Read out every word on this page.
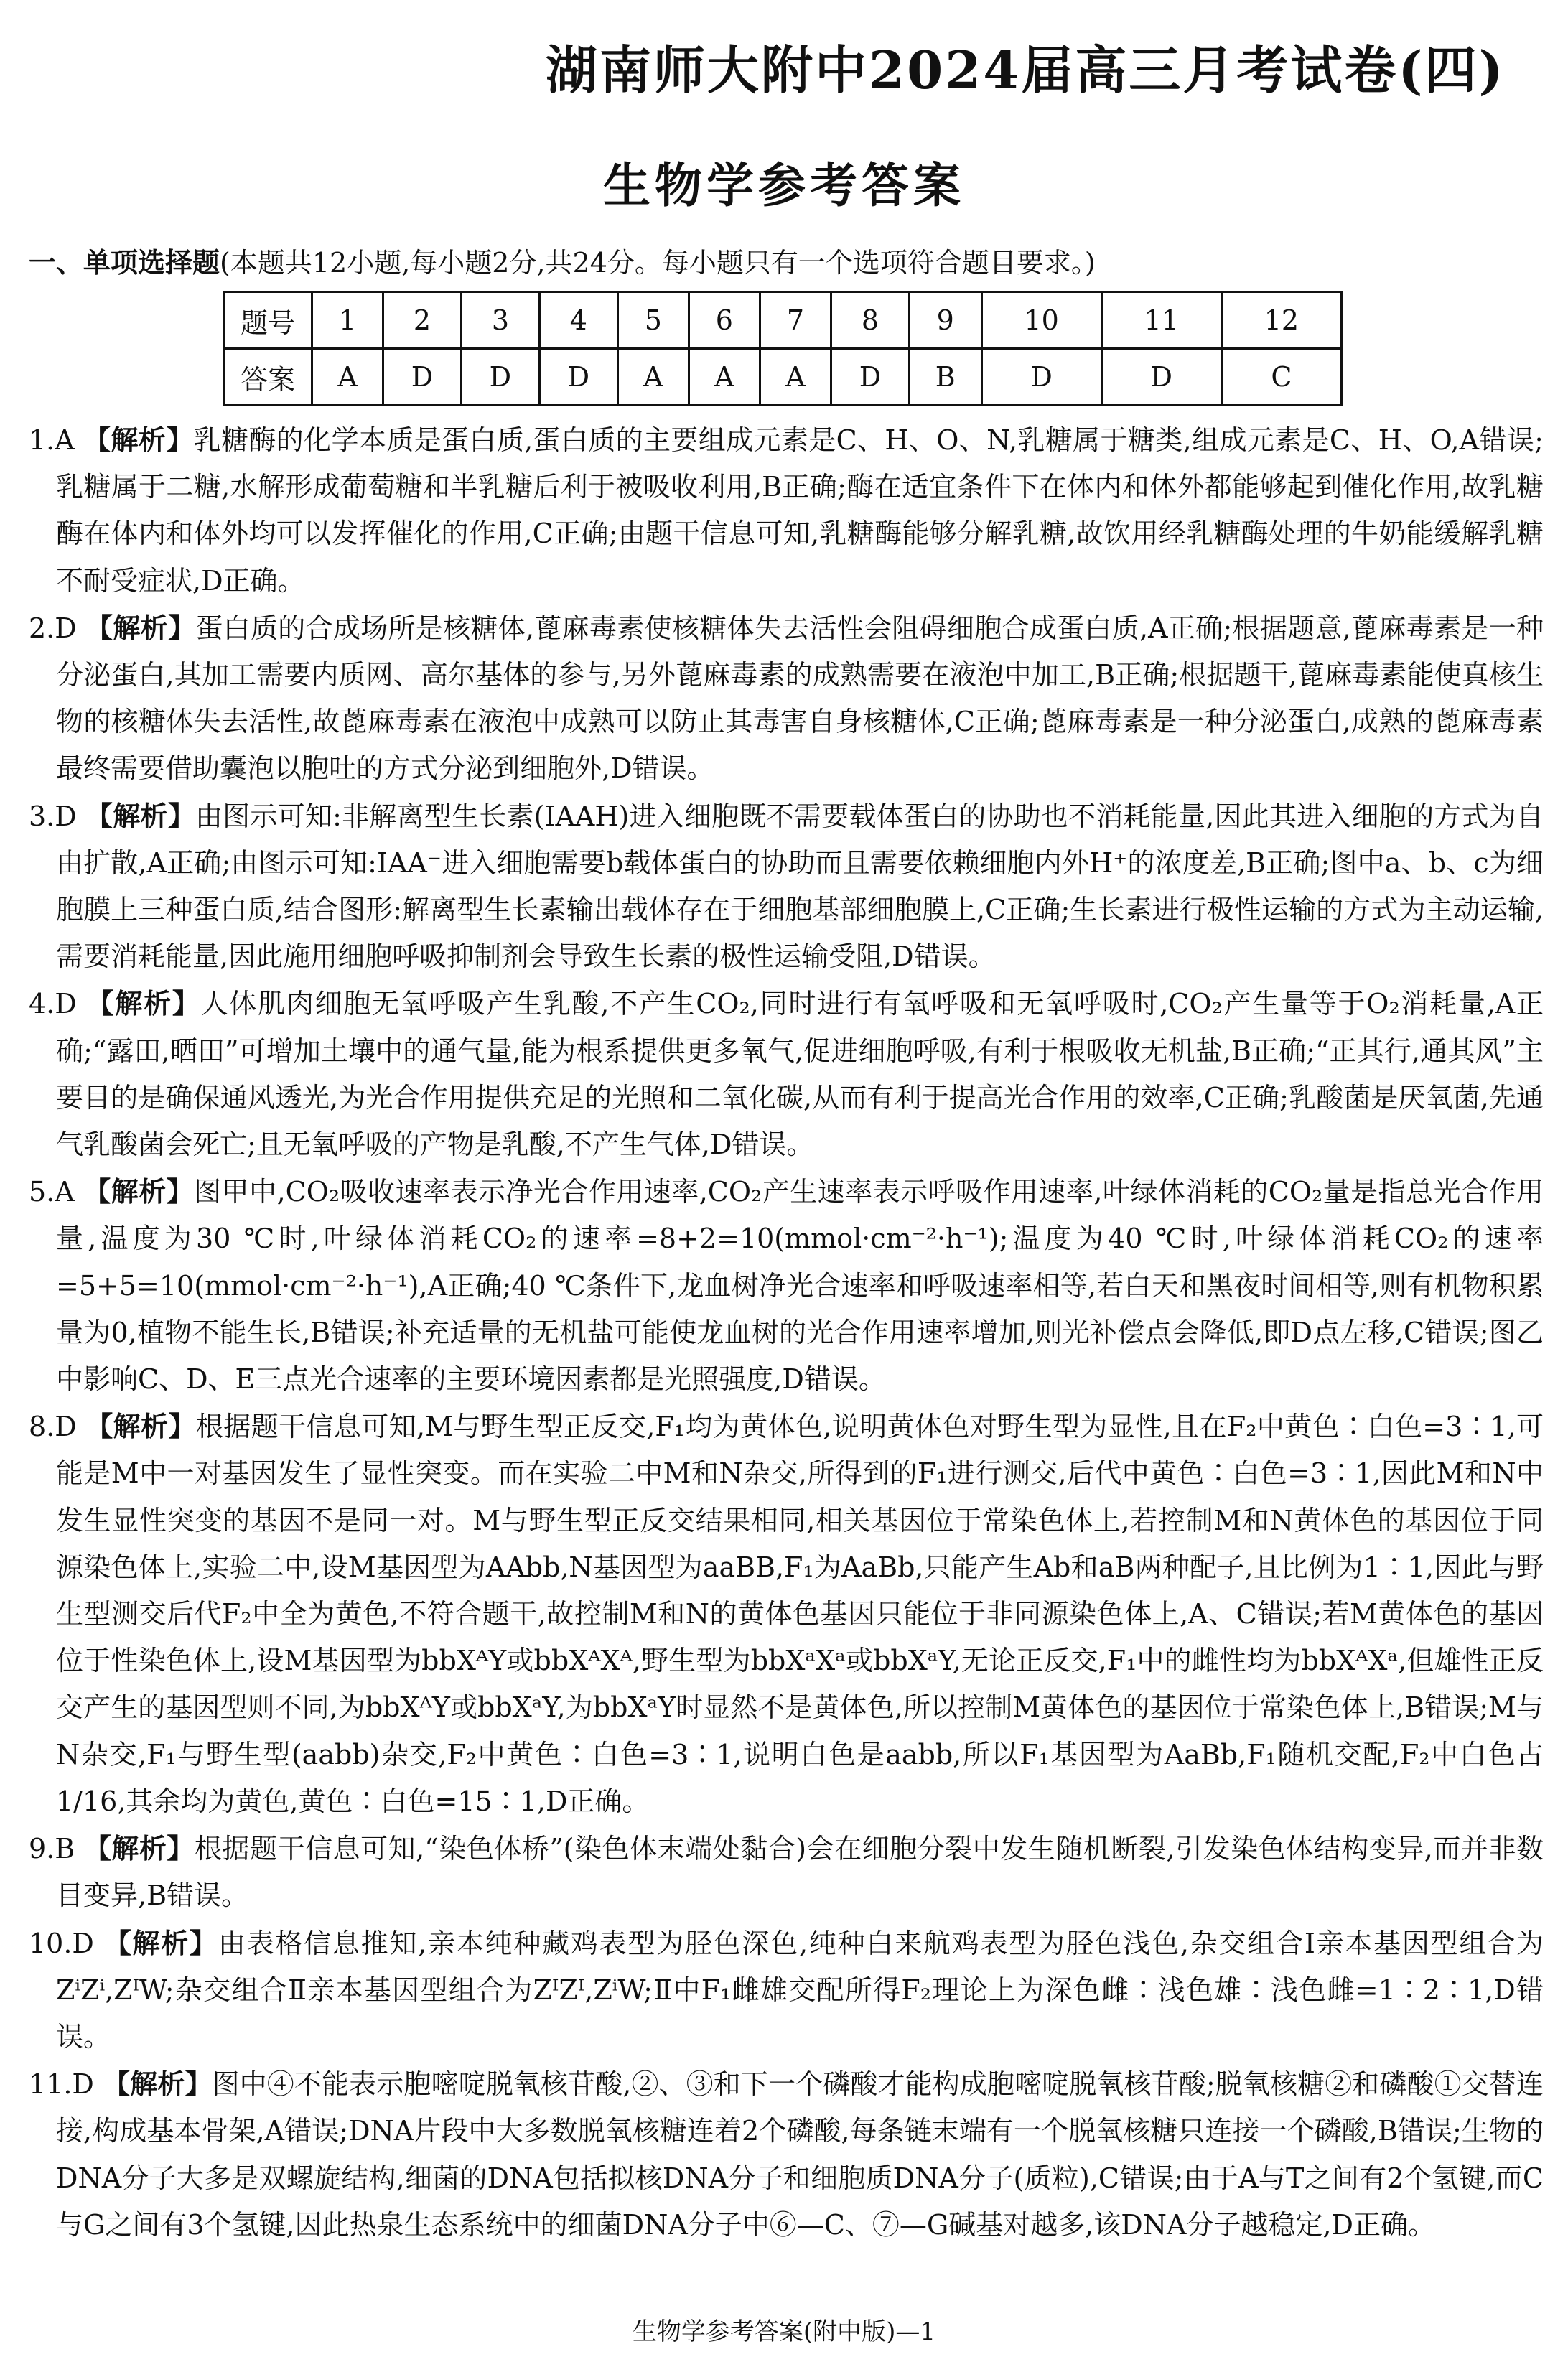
湖南师大附中2024届高三月考试卷(四)
生物学参考答案
一、单项选择题(本题共12小题,每小题2分,共24分。每小题只有一个选项符合题目要求。)
题号	1	2	3	4	5	6	7	8	9	10	11	12
答案	A	D	D	D	A	A	A	D	B	D	D	C

1.A 【解析】乳糖酶的化学本质是蛋白质,蛋白质的主要组成元素是C、H、O、N,乳糖属于糖类,组成元素是C、H、O,A错误;乳糖属于二糖,水解形成葡萄糖和半乳糖后利于被吸收利用,B正确;酶在适宜条件下在体内和体外都能够起到催化作用,故乳糖酶在体内和体外均可以发挥催化的作用,C正确;由题干信息可知,乳糖酶能够分解乳糖,故饮用经乳糖酶处理的牛奶能缓解乳糖不耐受症状,D正确。

2.D 【解析】蛋白质的合成场所是核糖体,蓖麻毒素使核糖体失去活性会阻碍细胞合成蛋白质,A正确;根据题意,蓖麻毒素是一种分泌蛋白,其加工需要内质网、高尔基体的参与,另外蓖麻毒素的成熟需要在液泡中加工,B正确;根据题干,蓖麻毒素能使真核生物的核糖体失去活性,故蓖麻毒素在液泡中成熟可以防止其毒害自身核糖体,C正确;蓖麻毒素是一种分泌蛋白,成熟的蓖麻毒素最终需要借助囊泡以胞吐的方式分泌到细胞外,D错误。

3.D 【解析】由图示可知:非解离型生长素(IAAH)进入细胞既不需要载体蛋白的协助也不消耗能量,因此其进入细胞的方式为自由扩散,A正确;由图示可知:IAA⁻进入细胞需要b载体蛋白的协助而且需要依赖细胞内外H⁺的浓度差,B正确;图中a、b、c为细胞膜上三种蛋白质,结合图形:解离型生长素输出载体存在于细胞基部细胞膜上,C正确;生长素进行极性运输的方式为主动运输,需要消耗能量,因此施用细胞呼吸抑制剂会导致生长素的极性运输受阻,D错误。

4.D 【解析】人体肌肉细胞无氧呼吸产生乳酸,不产生CO₂,同时进行有氧呼吸和无氧呼吸时,CO₂产生量等于O₂消耗量,A正确;“露田,晒田”可增加土壤中的通气量,能为根系提供更多氧气,促进细胞呼吸,有利于根吸收无机盐,B正确;“正其行,通其风”主要目的是确保通风透光,为光合作用提供充足的光照和二氧化碳,从而有利于提高光合作用的效率,C正确;乳酸菌是厌氧菌,先通气乳酸菌会死亡;且无氧呼吸的产物是乳酸,不产生气体,D错误。

5.A 【解析】图甲中,CO₂吸收速率表示净光合作用速率,CO₂产生速率表示呼吸作用速率,叶绿体消耗的CO₂量是指总光合作用量,温度为30 ℃时,叶绿体消耗CO₂的速率=8+2=10(mmol·cm⁻²·h⁻¹);温度为40 ℃时,叶绿体消耗CO₂的速率=5+5=10(mmol·cm⁻²·h⁻¹),A正确;40 ℃条件下,龙血树净光合速率和呼吸速率相等,若白天和黑夜时间相等,则有机物积累量为0,植物不能生长,B错误;补充适量的无机盐可能使龙血树的光合作用速率增加,则光补偿点会降低,即D点左移,C错误;图乙中影响C、D、E三点光合速率的主要环境因素都是光照强度,D错误。

8.D 【解析】根据题干信息可知,M与野生型正反交,F₁均为黄体色,说明黄体色对野生型为显性,且在F₂中黄色∶白色=3∶1,可能是M中一对基因发生了显性突变。而在实验二中M和N杂交,所得到的F₁进行测交,后代中黄色∶白色=3∶1,因此M和N中发生显性突变的基因不是同一对。M与野生型正反交结果相同,相关基因位于常染色体上,若控制M和N黄体色的基因位于同源染色体上,实验二中,设M基因型为AAbb,N基因型为aaBB,F₁为AaBb,只能产生Ab和aB两种配子,且比例为1∶1,因此与野生型测交后代F₂中全为黄色,不符合题干,故控制M和N的黄体色基因只能位于非同源染色体上,A、C错误;若M黄体色的基因位于性染色体上,设M基因型为bbXᴬY或bbXᴬXᴬ,野生型为bbXᵃXᵃ或bbXᵃY,无论正反交,F₁中的雌性均为bbXᴬXᵃ,但雄性正反交产生的基因型则不同,为bbXᴬY或bbXᵃY,为bbXᵃY时显然不是黄体色,所以控制M黄体色的基因位于常染色体上,B错误;M与N杂交,F₁与野生型(aabb)杂交,F₂中黄色∶白色=3∶1,说明白色是aabb,所以F₁基因型为AaBb,F₁随机交配,F₂中白色占1/16,其余均为黄色,黄色∶白色=15∶1,D正确。

9.B 【解析】根据题干信息可知,“染色体桥”(染色体末端处黏合)会在细胞分裂中发生随机断裂,引发染色体结构变异,而并非数目变异,B错误。

10.D 【解析】由表格信息推知,亲本纯种藏鸡表型为胫色深色,纯种白来航鸡表型为胫色浅色,杂交组合Ⅰ亲本基因型组合为ZⁱZⁱ,ZᴵW;杂交组合Ⅱ亲本基因型组合为ZᴵZᴵ,ZⁱW;Ⅱ中F₁雌雄交配所得F₂理论上为深色雌∶浅色雄∶浅色雌=1∶2∶1,D错误。

11.D 【解析】图中④不能表示胞嘧啶脱氧核苷酸,②、③和下一个磷酸才能构成胞嘧啶脱氧核苷酸;脱氧核糖②和磷酸①交替连接,构成基本骨架,A错误;DNA片段中大多数脱氧核糖连着2个磷酸,每条链末端有一个脱氧核糖只连接一个磷酸,B错误;生物的DNA分子大多是双螺旋结构,细菌的DNA包括拟核DNA分子和细胞质DNA分子(质粒),C错误;由于A与T之间有2个氢键,而C与G之间有3个氢键,因此热泉生态系统中的细菌DNA分子中⑥—C、⑦—G碱基对越多,该DNA分子越稳定,D正确。

生物学参考答案(附中版)—1
